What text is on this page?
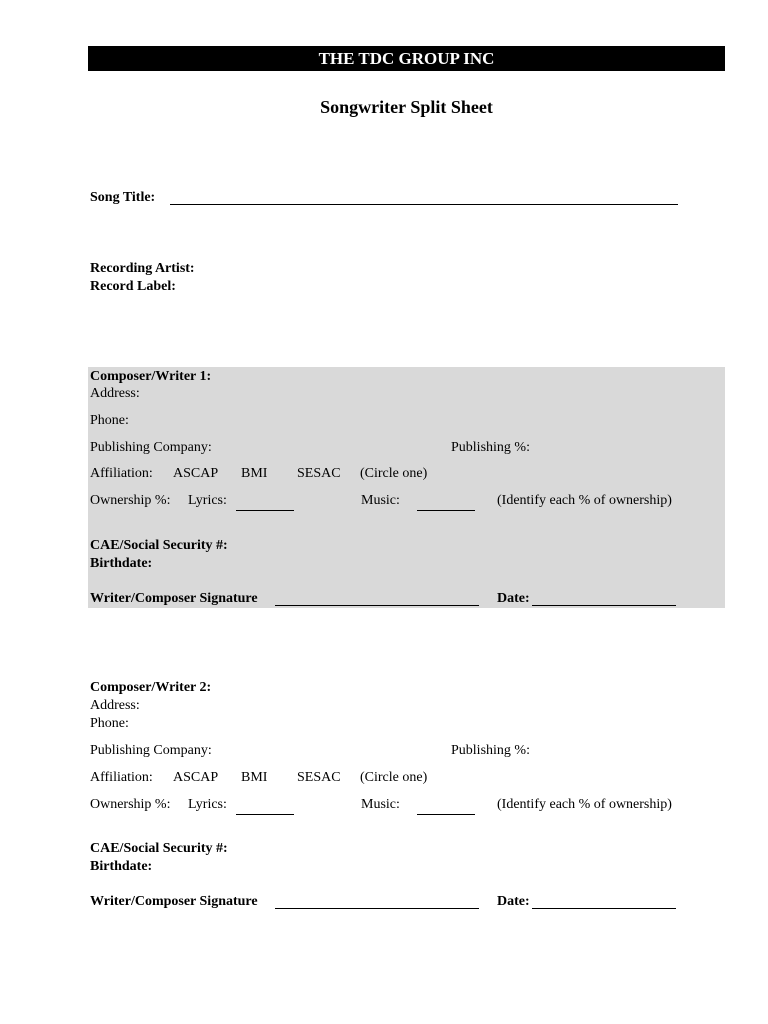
THE TDC GROUP INC
Songwriter Split Sheet
Song Title:
Recording Artist:
Record Label:
Composer/Writer 1:
Address:
Phone:
Publishing Company:	Publishing %:
Affiliation: ASCAP BMI SESAC (Circle one)
Ownership %: Lyrics:	Music:	(Identify each % of ownership)
CAE/Social Security #:
Birthdate:
Writer/Composer Signature	Date:
Composer/Writer 2:
Address:
Phone:
Publishing Company:	Publishing %:
Affiliation: ASCAP BMI SESAC (Circle one)
Ownership %: Lyrics:	Music:	(Identify each % of ownership)
CAE/Social Security #:
Birthdate:
Writer/Composer Signature	Date:
